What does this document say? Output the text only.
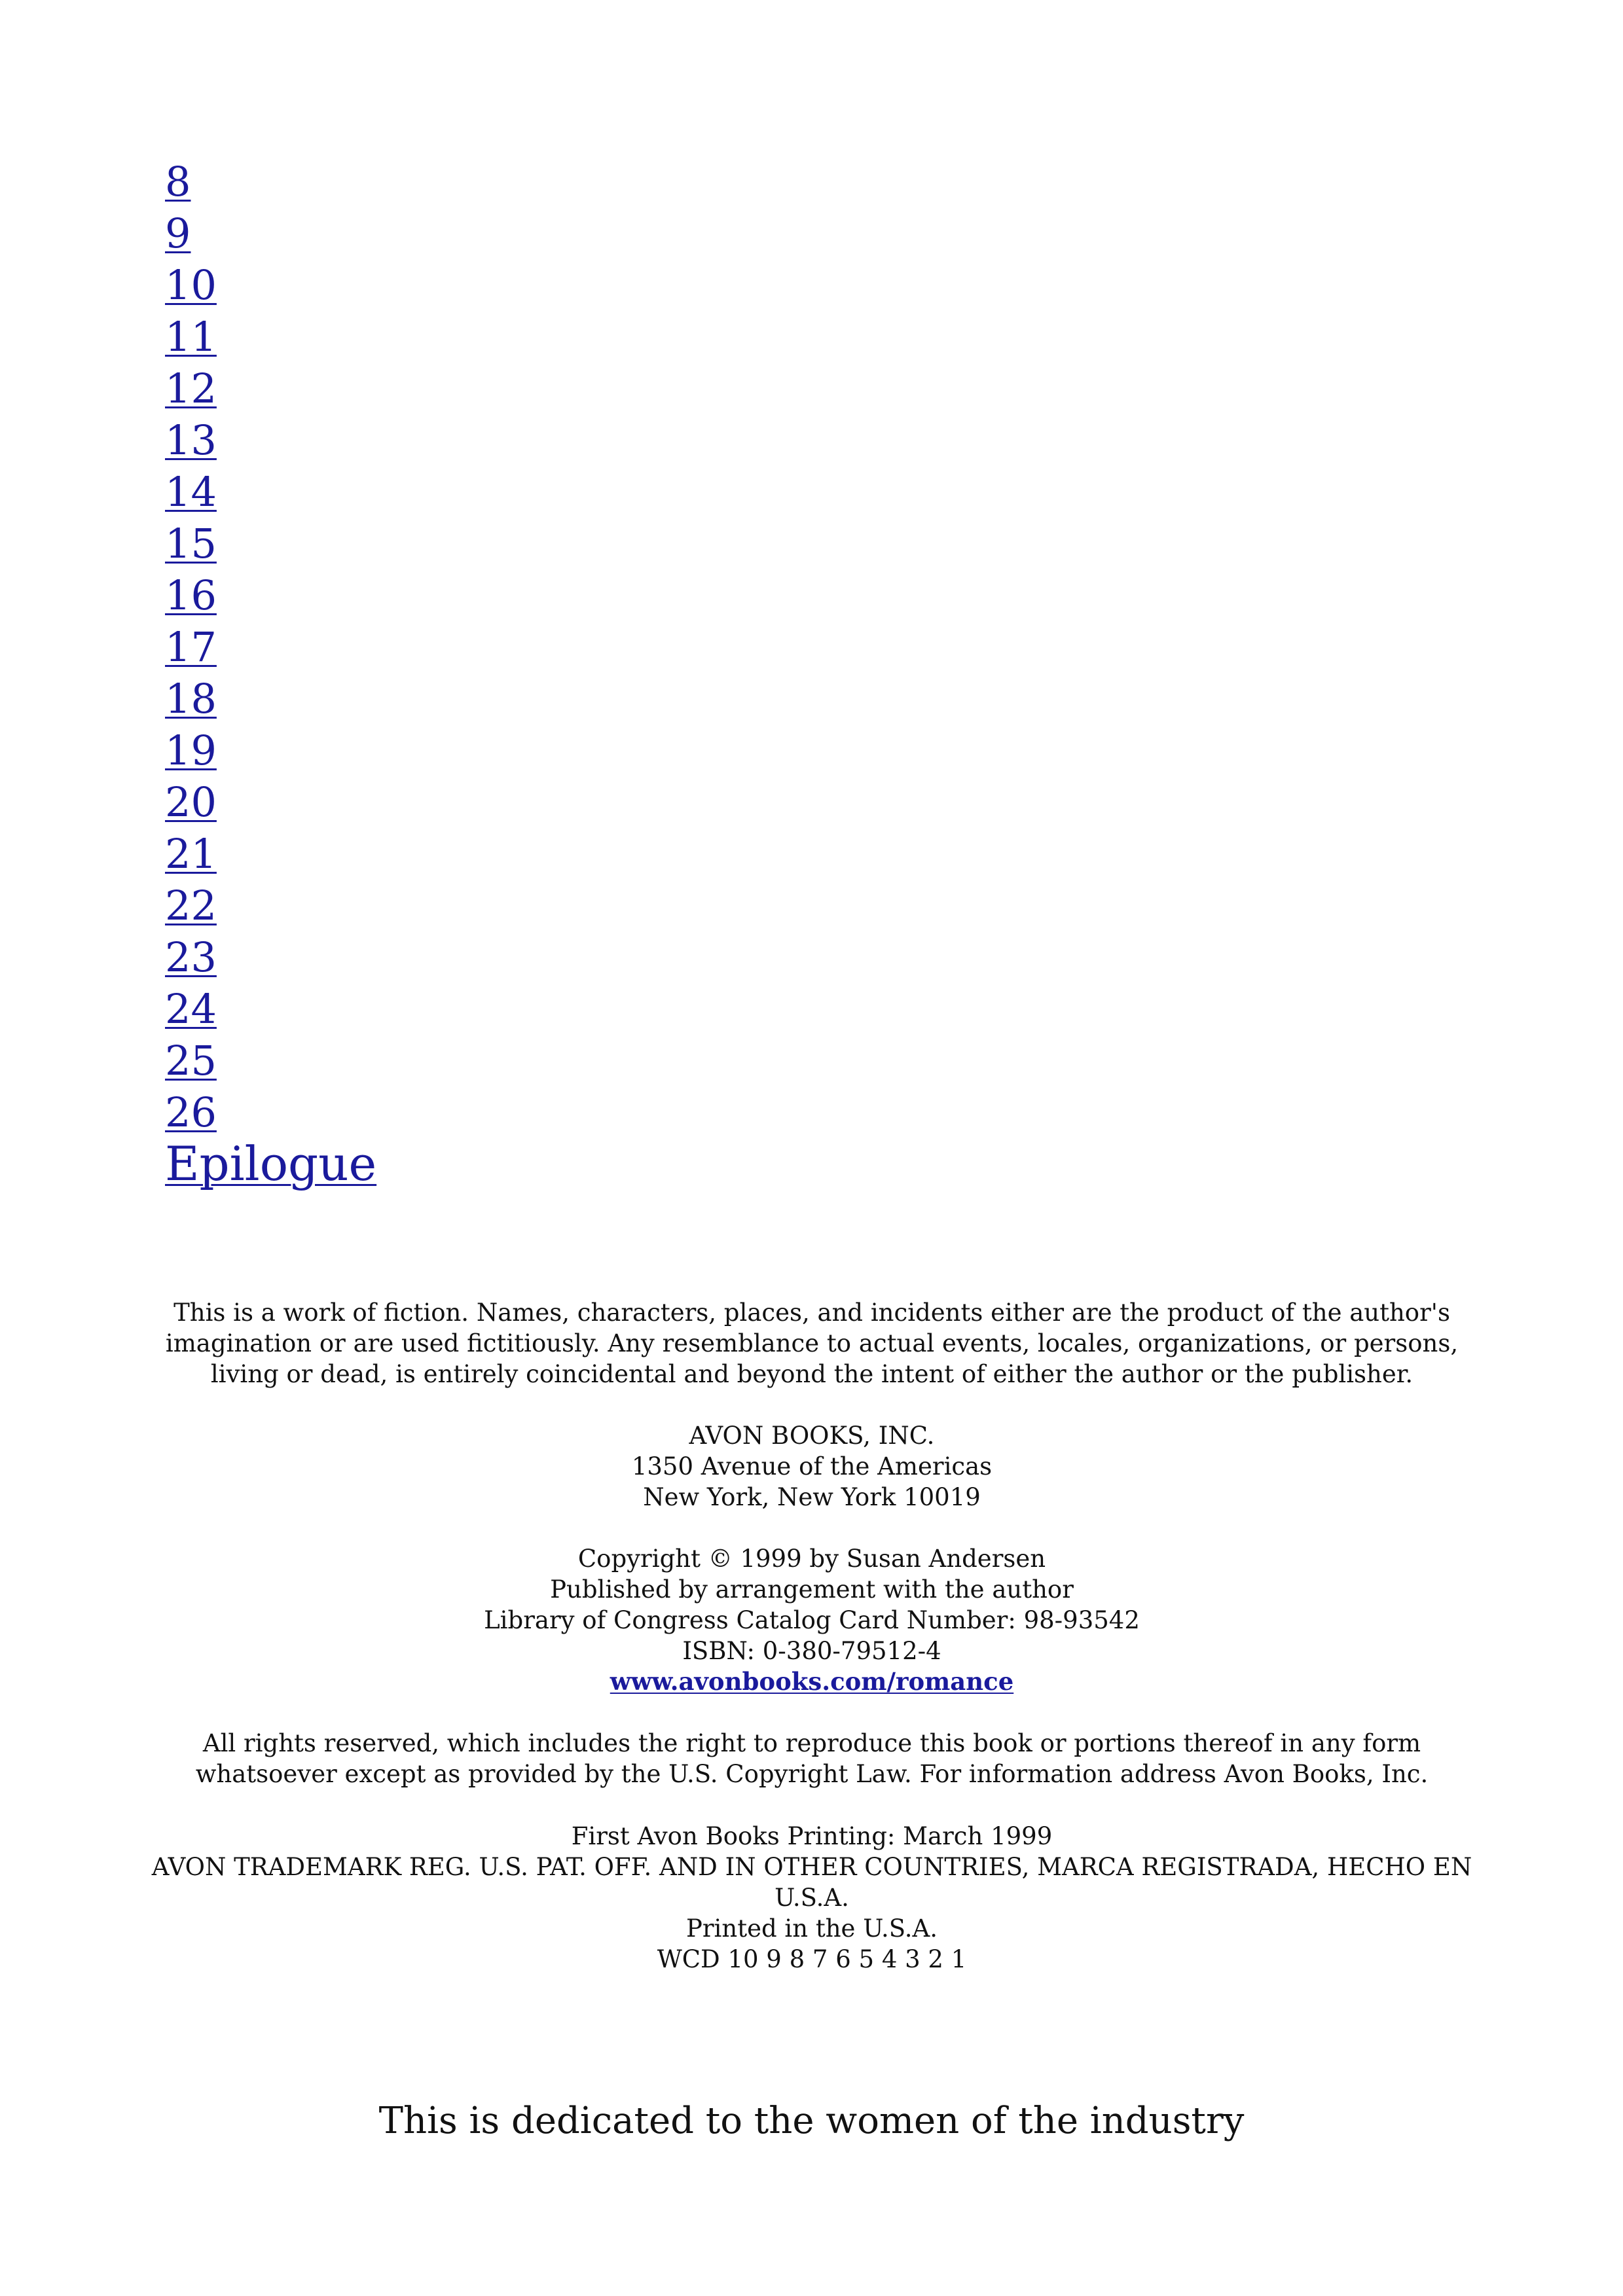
8
9
10
11
12
13
14
15
16
17
18
19
20
21
22
23
24
25
26
Epilogue

This is a work of fiction. Names, characters, places, and incidents either are the product of the author's

imagination or are used fictitiously. Any resemblance to actual events, locales, organizations, or persons,

living or dead, is entirely coincidental and beyond the intent of either the author or the publisher.

AVON BOOKS, INC.

1350 Avenue of the Americas

New York, New York 10019

Copyright © 1999 by Susan Andersen

Published by arrangement with the author

Library of Congress Catalog Card Number: 98-93542

ISBN: 0-380-79512-4

www.avonbooks.com/romance

All rights reserved, which includes the right to reproduce this book or portions thereof in any form

whatsoever except as provided by the U.S. Copyright Law. For information address Avon Books, Inc.

First Avon Books Printing: March 1999

AVON TRADEMARK REG. U.S. PAT. OFF. AND IN OTHER COUNTRIES, MARCA REGISTRADA, HECHO EN

U.S.A.

Printed in the U.S.A.

WCD 10 9 8 7 6 5 4 3 2 1

This is dedicated to the women of the industry
